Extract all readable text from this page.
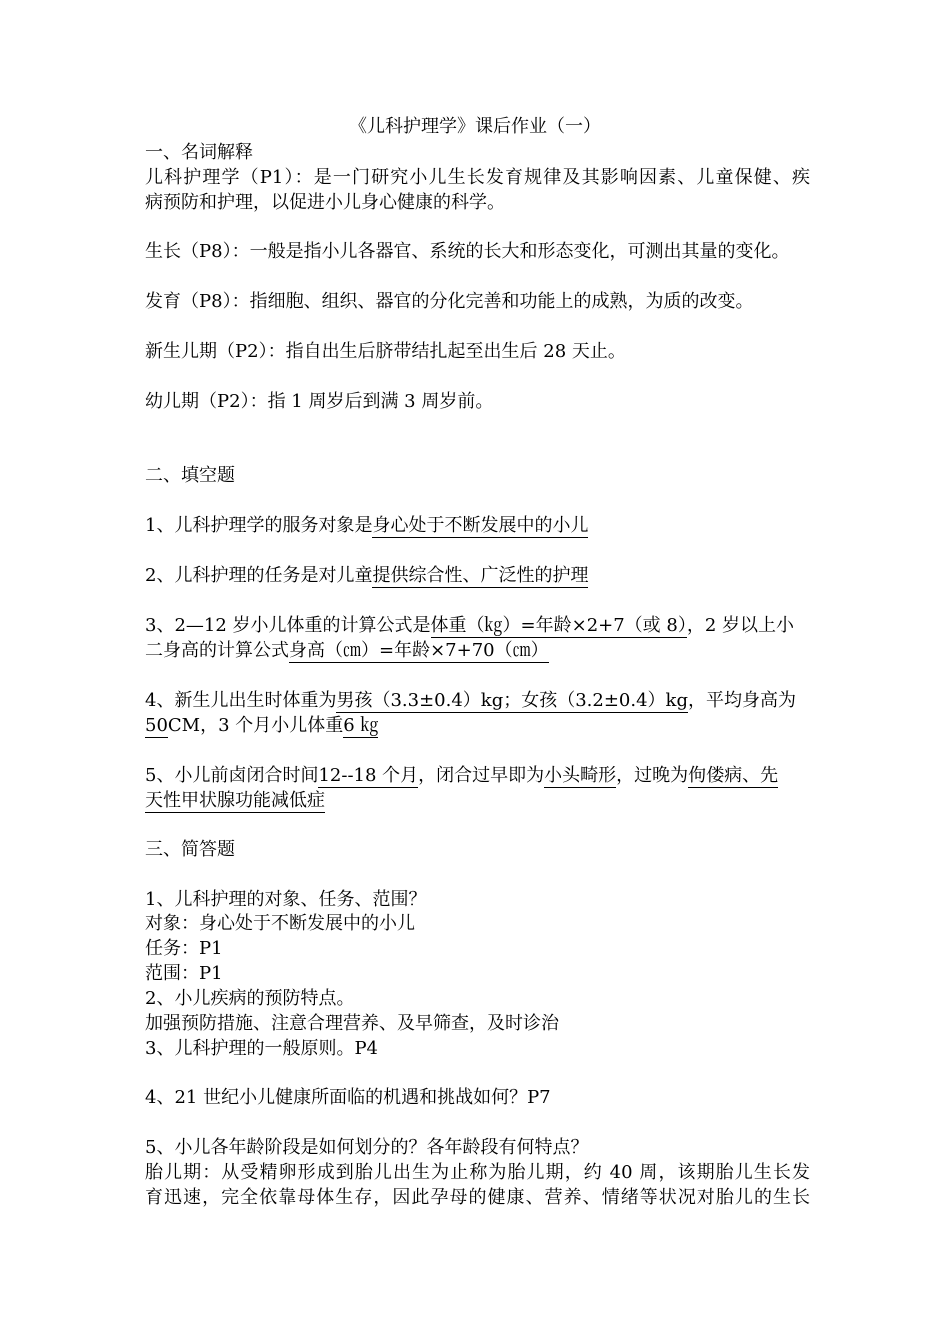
《儿科护理学》课后作业（一）
一、名词解释
儿科护理学（P1）：是一门研究小儿生长发育规律及其影响因素、儿童保健、疾
病预防和护理，以促进小儿身心健康的科学。
生长（P8）：一般是指小儿各器官、系统的长大和形态变化，可测出其量的变化。
发育（P8）：指细胞、组织、器官的分化完善和功能上的成熟，为质的改变。
新生儿期（P2）：指自出生后脐带结扎起至出生后 28 天止。
幼儿期（P2）：指 1 周岁后到满 3 周岁前。
二、填空题
1、儿科护理学的服务对象是身心处于不断发展中的小儿
2、儿科护理的任务是对儿童提供综合性、广泛性的护理
3、2—12 岁小儿体重的计算公式是体重（㎏）=年龄×2+7（或 8），2 岁以上小
二身高的计算公式身高（㎝）=年龄×7+70（㎝）
4、新生儿出生时体重为男孩（3.3±0.4）kg；女孩（3.2±0.4）kg，平均身高为
50CM，3 个月小儿体重6 ㎏
5、小儿前卤闭合时间12--18 个月，闭合过早即为小头畸形，过晚为佝偻病、先
天性甲状腺功能减低症
三、简答题
1、儿科护理的对象、任务、范围？
对象：身心处于不断发展中的小儿
任务：P1
范围：P1
2、小儿疾病的预防特点。
加强预防措施、注意合理营养、及早筛查，及时诊治
3、儿科护理的一般原则。P4
4、21 世纪小儿健康所面临的机遇和挑战如何？P7
5、小儿各年龄阶段是如何划分的？各年龄段有何特点？
胎儿期：从受精卵形成到胎儿出生为止称为胎儿期，约 40 周，该期胎儿生长发
育迅速，完全依靠母体生存，因此孕母的健康、营养、情绪等状况对胎儿的生长
